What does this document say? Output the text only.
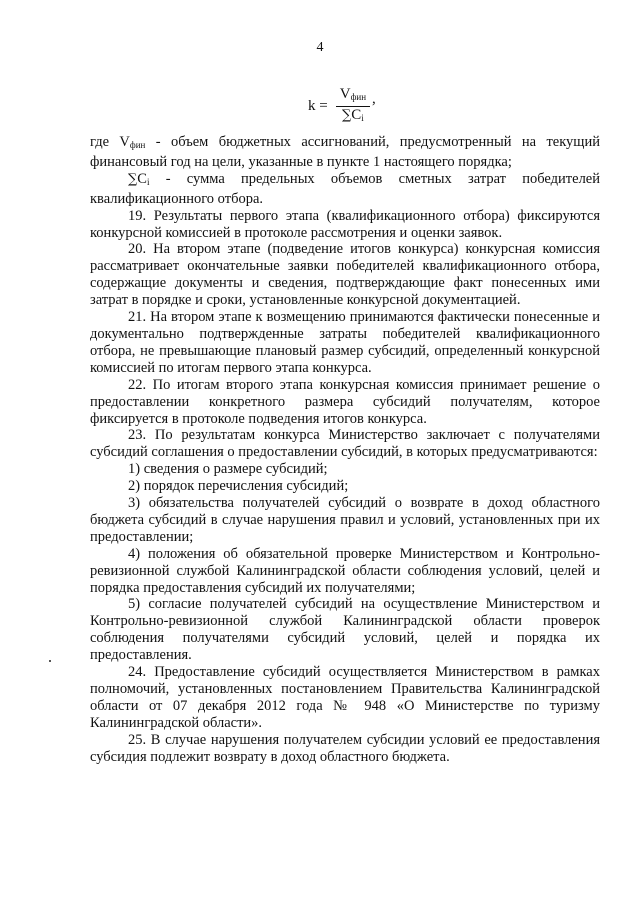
4
$k = \frac{V_{фин}}{\sum C_i}$ ,

где $V_{фин}$ - объем бюджетных ассигнований, предусмотренный на текущий финансовый год на цели, указанные в пункте 1 настоящего порядка;

$\sum C_i$ - сумма предельных объемов сметных затрат победителей квалификационного отбора.

19. Результаты первого этапа (квалификационного отбора) фиксируются конкурсной комиссией в протоколе рассмотрения и оценки заявок.

20. На втором этапе (подведение итогов конкурса) конкурсная комиссия рассматривает окончательные заявки победителей квалификационного отбора, содержащие документы и сведения, подтверждающие факт понесенных ими затрат в порядке и сроки, установленные конкурсной документацией.

21. На втором этапе к возмещению принимаются фактически понесенные и документально подтвержденные затраты победителей квалификационного отбора, не превышающие плановый размер субсидий, определенный конкурсной комиссией по итогам первого этапа конкурса.

22. По итогам второго этапа конкурсная комиссия принимает решение о предоставлении конкретного размера субсидий получателям, которое фиксируется в протоколе подведения итогов конкурса.

23. По результатам конкурса Министерство заключает с получателями субсидий соглашения о предоставлении субсидий, в которых предусматриваются:

1) сведения о размере субсидий;

2) порядок перечисления субсидий;

3) обязательства получателей субсидий о возврате в доход областного бюджета субсидий в случае нарушения правил и условий, установленных при их предоставлении;

4) положения об обязательной проверке Министерством и Контрольно-ревизионной службой Калининградской области соблюдения условий, целей и порядка предоставления субсидий их получателями;

5) согласие получателей субсидий на осуществление Министерством и Контрольно-ревизионной службой Калининградской области проверок соблюдения получателями субсидий условий, целей и порядка их предоставления.

24. Предоставление субсидий осуществляется Министерством в рамках полномочий, установленных постановлением Правительства Калининградской области от 07 декабря 2012 года № 948 «О Министерстве по туризму Калининградской области».

25. В случае нарушения получателем субсидии условий ее предоставления субсидия подлежит возврату в доход областного бюджета.
